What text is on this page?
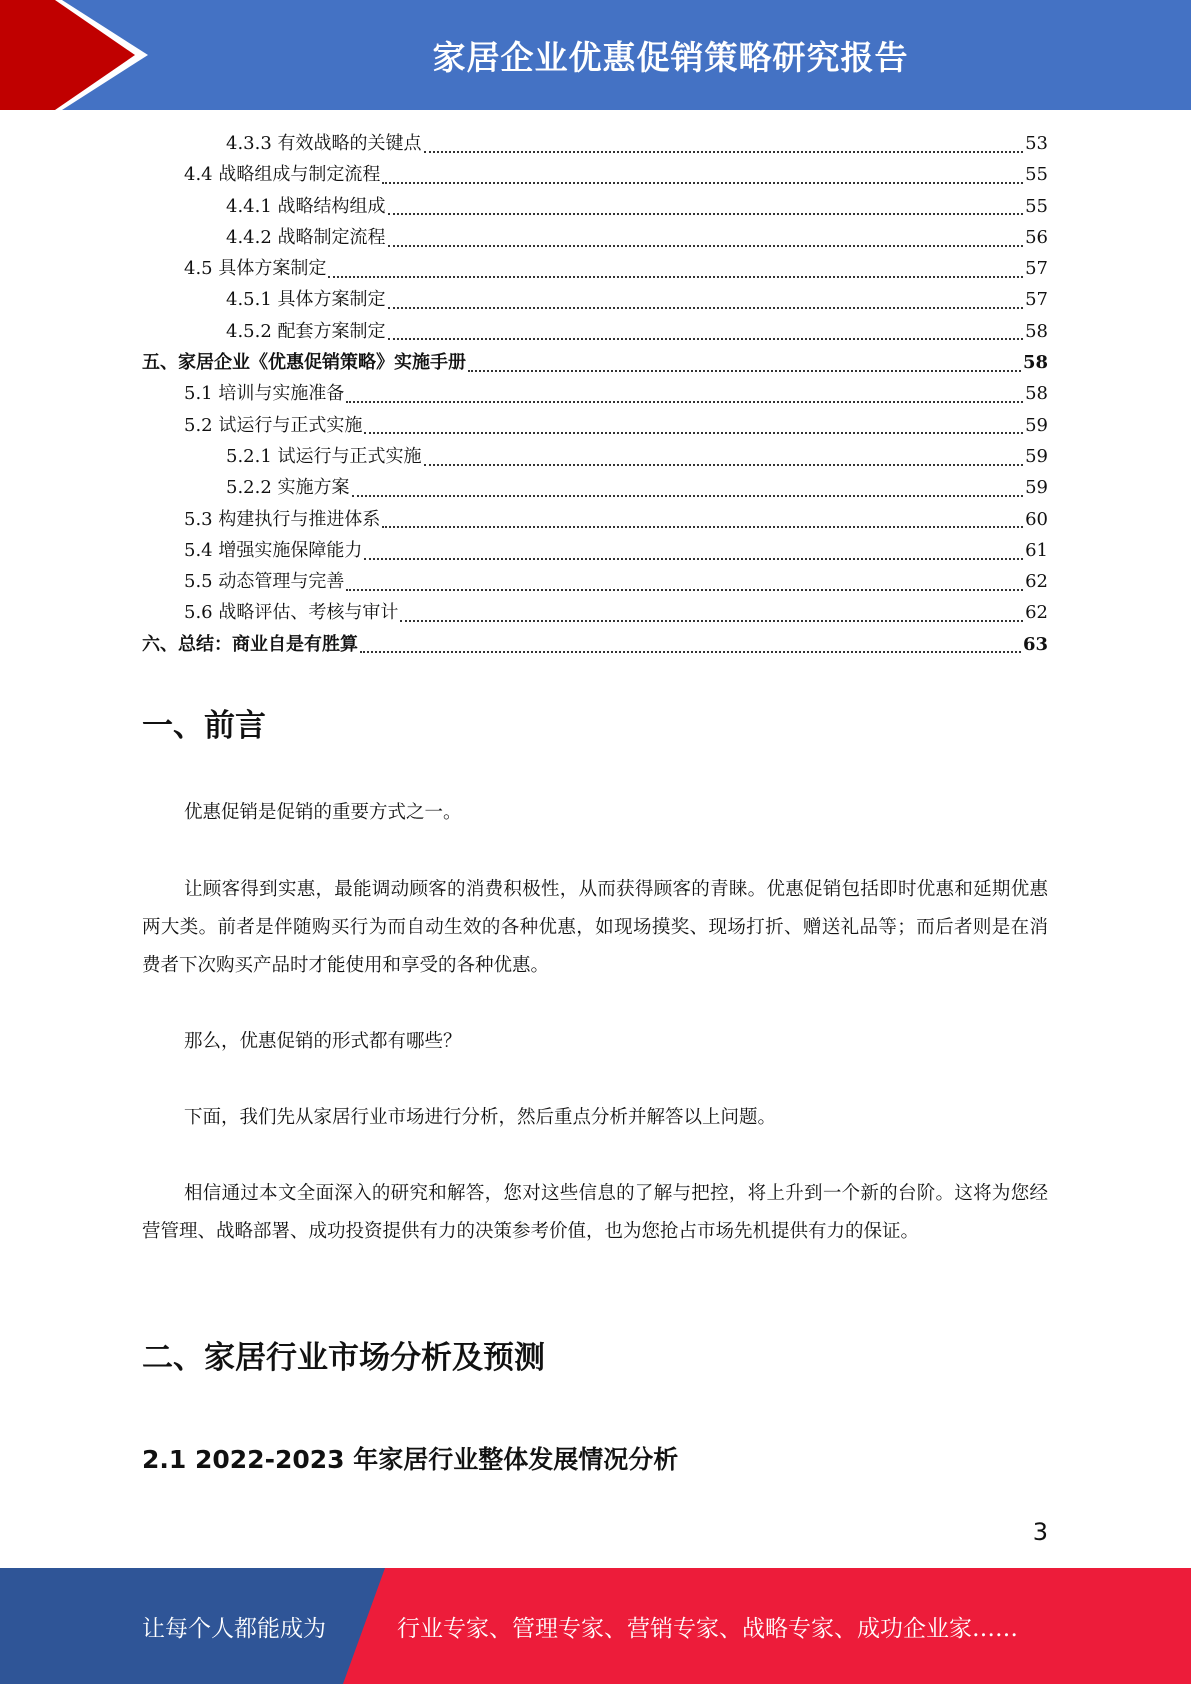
家居企业优惠促销策略研究报告
4.3.3 有效战略的关键点	53
4.4 战略组成与制定流程	55
4.4.1 战略结构组成	55
4.4.2 战略制定流程	56
4.5 具体方案制定	57
4.5.1 具体方案制定	57
4.5.2 配套方案制定	58
五、家居企业《优惠促销策略》实施手册	58
5.1 培训与实施准备	58
5.2 试运行与正式实施	59
5.2.1 试运行与正式实施	59
5.2.2 实施方案	59
5.3 构建执行与推进体系	60
5.4 增强实施保障能力	61
5.5 动态管理与完善	62
5.6 战略评估、考核与审计	62
六、总结：商业自是有胜算	63
一、前言
优惠促销是促销的重要方式之一。
让顾客得到实惠，最能调动顾客的消费积极性，从而获得顾客的青睐。优惠促销包括即时优惠和延期优惠两大类。前者是伴随购买行为而自动生效的各种优惠，如现场摸奖、现场打折、赠送礼品等；而后者则是在消费者下次购买产品时才能使用和享受的各种优惠。
那么，优惠促销的形式都有哪些？
下面，我们先从家居行业市场进行分析，然后重点分析并解答以上问题。
相信通过本文全面深入的研究和解答，您对这些信息的了解与把控，将上升到一个新的台阶。这将为您经营管理、战略部署、成功投资提供有力的决策参考价值，也为您抢占市场先机提供有力的保证。
二、家居行业市场分析及预测
2.1 2022-2023 年家居行业整体发展情况分析
3
让每个人都能成为	行业专家、管理专家、营销专家、战略专家、成功企业家……
